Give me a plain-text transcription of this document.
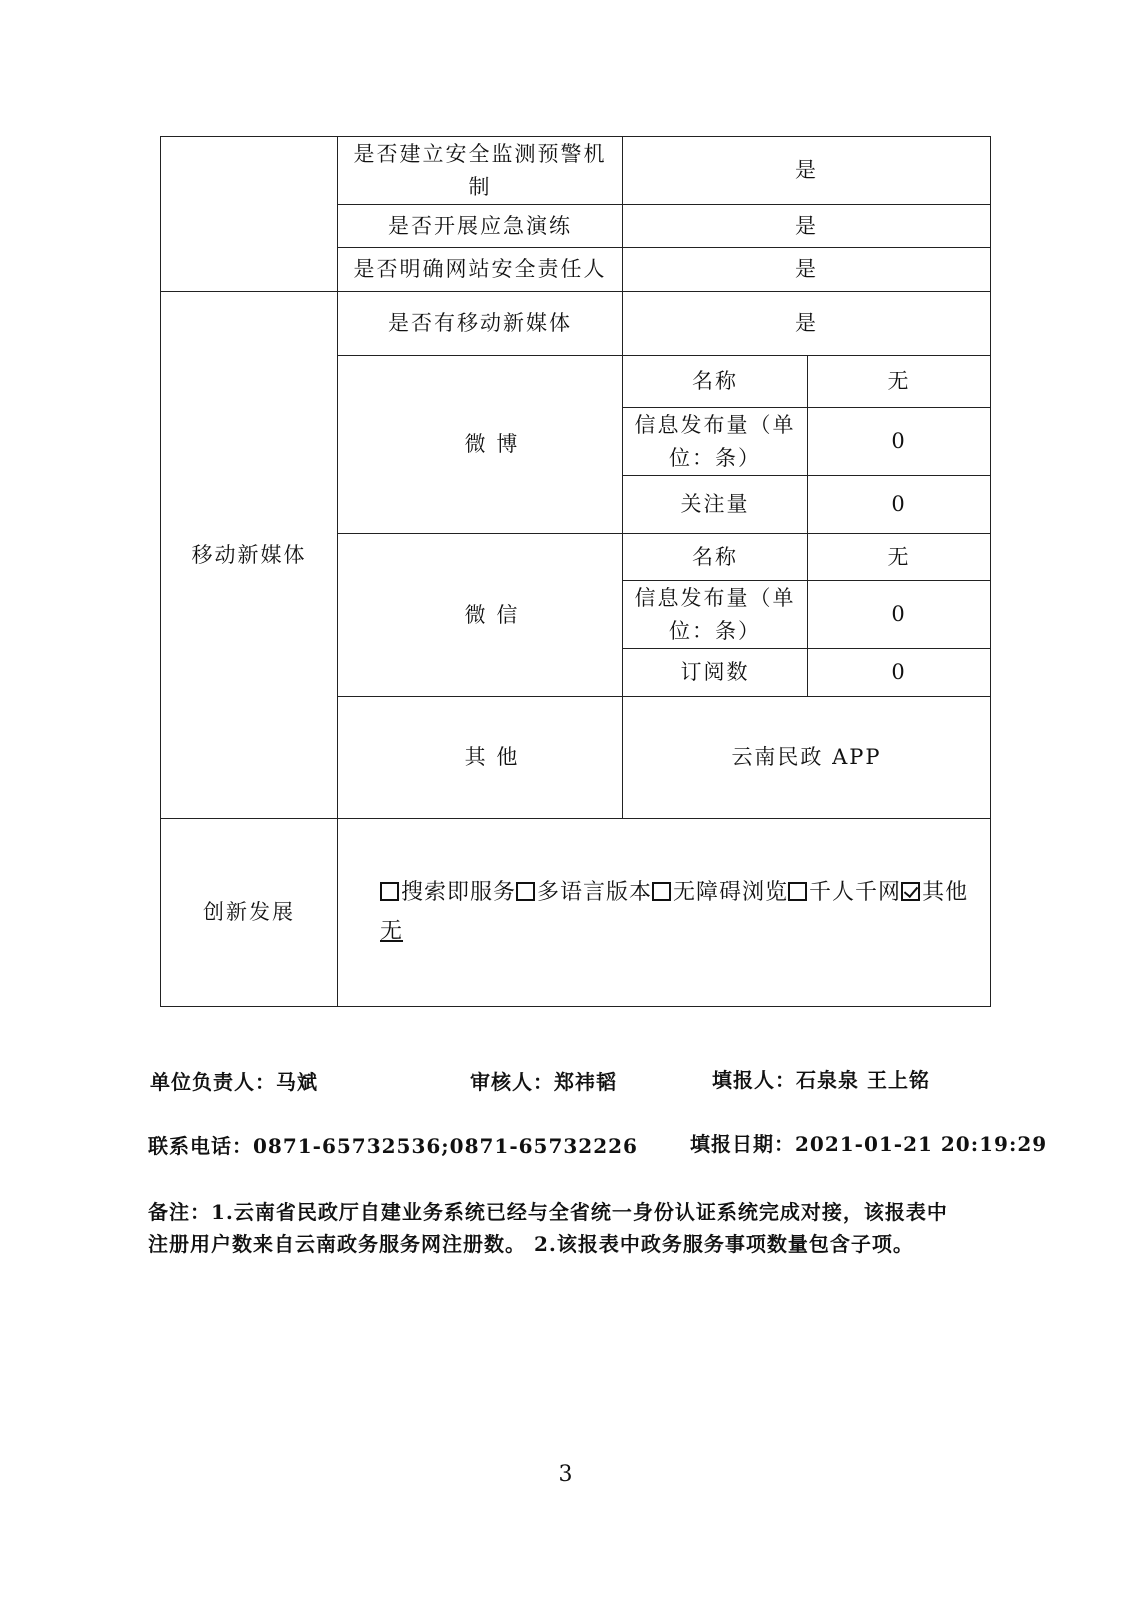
	是否建立安全监测预警机制	是	
	是否开展应急演练	是	
	是否明确网站安全责任人	是	
移动新媒体	是否有移动新媒体	是	
	微 博	名称	无
		信息发布量（单位：条）	0
		关注量	0
	微 信	名称	无
		信息发布量（单位：条）	0
		订阅数	0
	其 他	云南民政 APP	
创新发展	搜索即服务 多语言版本 无障碍浏览 千人千网 其他
无		
单位负责人：马斌	审核人：郑祎韬	填报人：石泉泉 王上铭
联系电话：0871-65732536;0871-65732226	填报日期：2021-01-21 20:19:29
备注：1.云南省民政厅自建业务系统已经与全省统一身份认证系统完成对接，该报表中注册用户数来自云南政务服务网注册数。 2.该报表中政务服务事项数量包含子项。
3
